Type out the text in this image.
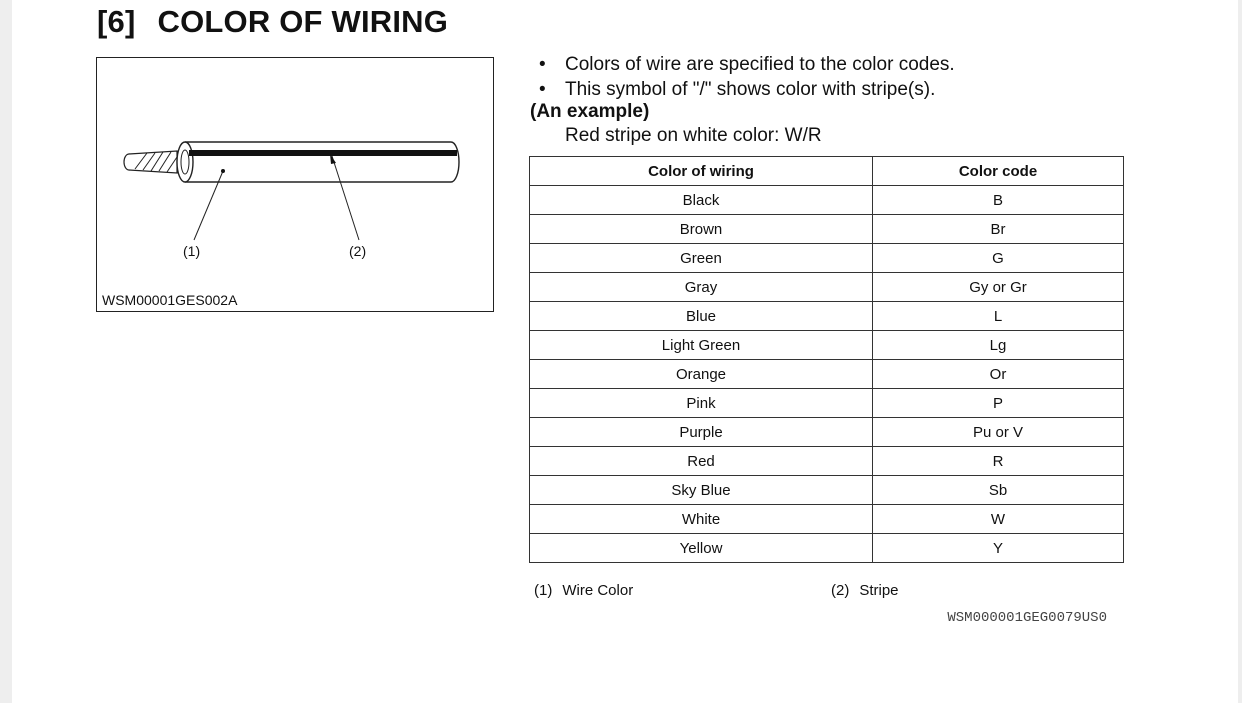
[6] COLOR OF WIRING
(1)	(2)
WSM00001GES002A
• Colors of wire are specified to the color codes.
• This symbol of "/" shows color with stripe(s).
(An example)
Red stripe on white color: W/R
Color of wiring	Color code
Black	B
Brown	Br
Green	G
Gray	Gy or Gr
Blue	L
Light Green	Lg
Orange	Or
Pink	P
Purple	Pu or V
Red	R
Sky Blue	Sb
White	W
Yellow	Y
(1) Wire Color	(2) Stripe
WSM000001GEG0079US0
